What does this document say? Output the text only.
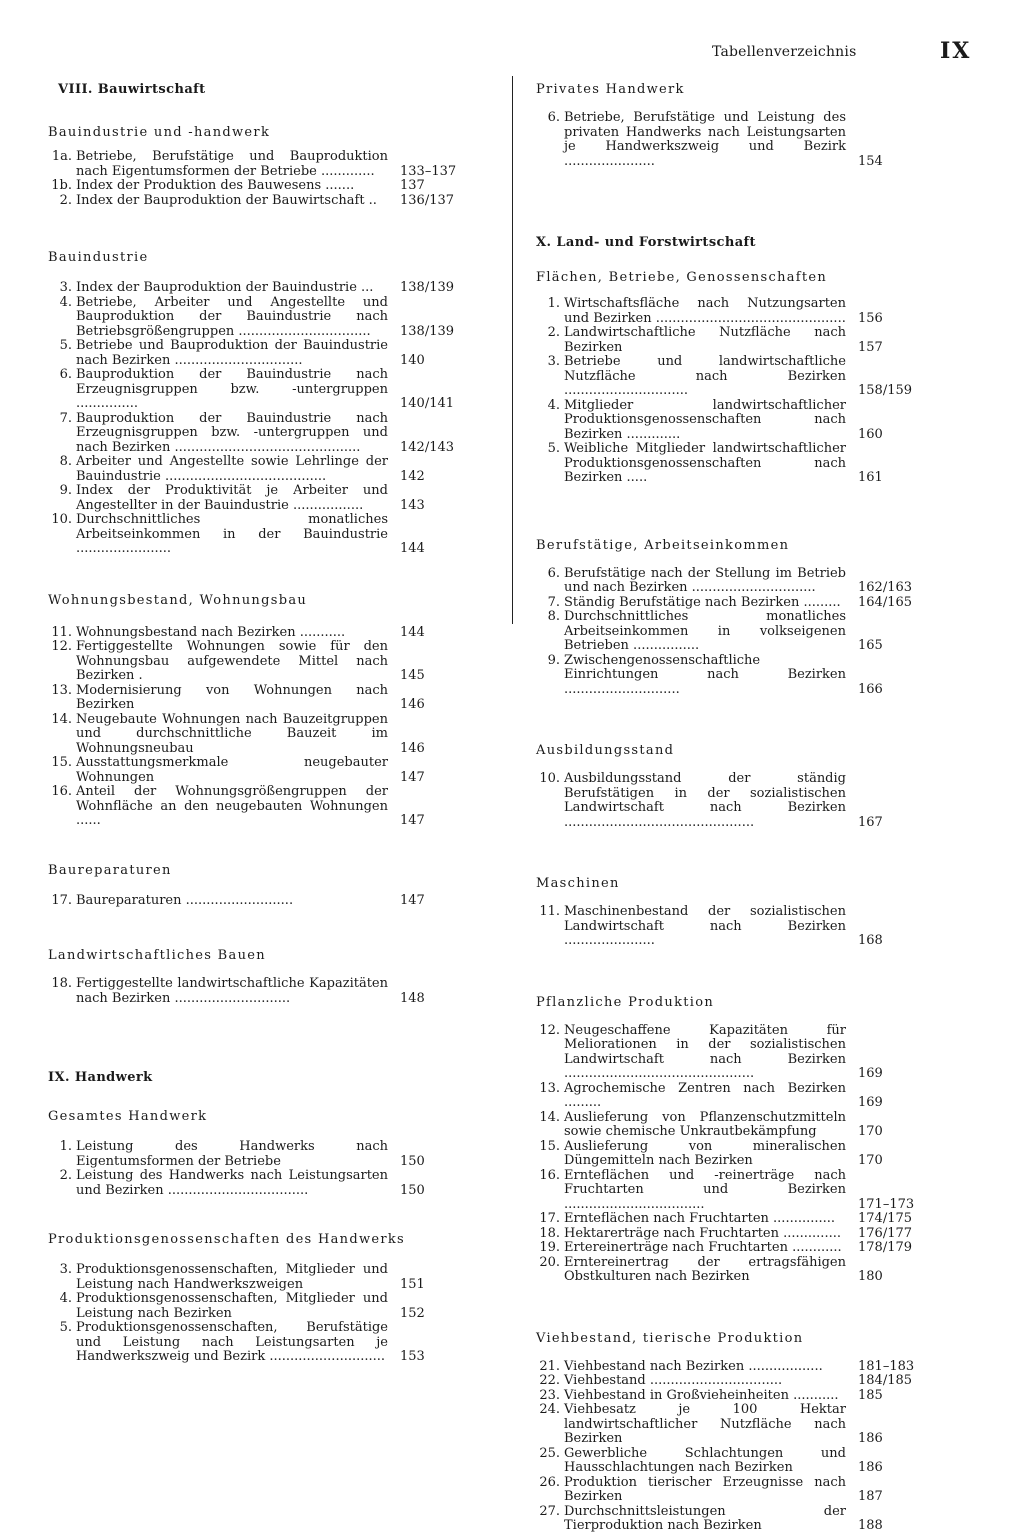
Tabellenverzeichnis	IX
VIII. Bauwirtschaft
Bauindustrie und -handwerk
1a. Betriebe, Berufstätige und Bauproduktion nach Eigentumsformen der Betriebe .............	133–137
1b. Index der Produktion des Bauwesens .......	137
2. Index der Bauproduktion der Bauwirtschaft ..	136/137
Bauindustrie
3. Index der Bauproduktion der Bauindustrie ...	138/139
4. Betriebe, Arbeiter und Angestellte und Bauproduktion der Bauindustrie nach Betriebsgrößengruppen ................................	138/139
5. Betriebe und Bauproduktion der Bauindustrie nach Bezirken ...............................	140
6. Bauproduktion der Bauindustrie nach Erzeugnisgruppen bzw. -untergruppen ...............	140/141
7. Bauproduktion der Bauindustrie nach Erzeugnisgruppen bzw. -untergruppen und nach Bezirken .............................................	142/143
8. Arbeiter und Angestellte sowie Lehrlinge der Bauindustrie .......................................	142
9. Index der Produktivität je Arbeiter und Angestellter in der Bauindustrie .................	143
10. Durchschnittliches monatliches Arbeitseinkommen in der Bauindustrie .......................	144
Wohnungsbestand, Wohnungsbau
11. Wohnungsbestand nach Bezirken ...........	144
12. Fertiggestellte Wohnungen sowie für den Wohnungsbau aufgewendete Mittel nach Bezirken .	145
13. Modernisierung von Wohnungen nach Bezirken	146
14. Neugebaute Wohnungen nach Bauzeitgruppen und durchschnittliche Bauzeit im Wohnungsneubau	146
15. Ausstattungsmerkmale neugebauter Wohnungen	147
16. Anteil der Wohnungsgrößengruppen der Wohnfläche an den neugebauten Wohnungen ......	147
Baureparaturen
17. Baureparaturen ..........................	147
Landwirtschaftliches Bauen
18. Fertiggestellte landwirtschaftliche Kapazitäten nach Bezirken ............................	148
IX. Handwerk
Gesamtes Handwerk
1. Leistung des Handwerks nach Eigentumsformen der Betriebe	150
2. Leistung des Handwerks nach Leistungsarten und Bezirken ..................................	150
Produktionsgenossenschaften des Handwerks
3. Produktionsgenossenschaften, Mitglieder und Leistung nach Handwerkszweigen	151
4. Produktionsgenossenschaften, Mitglieder und Leistung nach Bezirken	152
5. Produktionsgenossenschaften, Berufstätige und Leistung nach Leistungsarten je Handwerkszweig und Bezirk ............................	153
Privates Handwerk
6. Betriebe, Berufstätige und Leistung des privaten Handwerks nach Leistungsarten je Handwerkszweig und Bezirk ......................	154
X. Land- und Forstwirtschaft
Flächen, Betriebe, Genossenschaften
1. Wirtschaftsfläche nach Nutzungsarten und Bezirken .............................................. 156
2. Landwirtschaftliche Nutzfläche nach Bezirken	157
3. Betriebe und landwirtschaftliche Nutzfläche nach Bezirken ..............................	158/159
4. Mitglieder landwirtschaftlicher Produktionsgenossenschaften nach Bezirken .............	160
5. Weibliche Mitglieder landwirtschaftlicher Produktionsgenossenschaften nach Bezirken .....	161
Berufstätige, Arbeitseinkommen
6. Berufstätige nach der Stellung im Betrieb und nach Bezirken ..............................	162/163
7. Ständig Berufstätige nach Bezirken .........	164/165
8. Durchschnittliches monatliches Arbeitseinkommen in volkseigenen Betrieben ................	165
9. Zwischengenossenschaftliche Einrichtungen nach Bezirken ............................	166
Ausbildungsstand
10. Ausbildungsstand der ständig Berufstätigen in der sozialistischen Landwirtschaft nach Bezirken ..............................................	167
Maschinen
11. Maschinenbestand der sozialistischen Landwirtschaft nach Bezirken ......................	168
Pflanzliche Produktion
12. Neugeschaffene Kapazitäten für Meliorationen in der sozialistischen Landwirtschaft nach Bezirken ..............................................	169
13. Agrochemische Zentren nach Bezirken .........	169
14. Auslieferung von Pflanzenschutzmitteln sowie chemische Unkrautbekämpfung	170
15. Auslieferung von mineralischen Düngemitteln nach Bezirken	170
16. Ernteflächen und -reinerträge nach Fruchtarten und Bezirken ..................................	171–173
17. Ernteflächen nach Fruchtarten ...............	174/175
18. Hektarerträge nach Fruchtarten ..............	176/177
19. Ertereinerträge nach Fruchtarten ............	178/179
20. Erntereinertrag der ertragsfähigen Obstkulturen nach Bezirken	180
Viehbestand, tierische Produktion
21. Viehbestand nach Bezirken ..................	181–183
22. Viehbestand ................................	184/185
23. Viehbestand in Großvieheinheiten ...........	185
24. Viehbesatz je 100 Hektar landwirtschaftlicher Nutzfläche nach Bezirken	186
25. Gewerbliche Schlachtungen und Hausschlachtungen nach Bezirken	186
26. Produktion tierischer Erzeugnisse nach Bezirken	187
27. Durchschnittsleistungen der Tierproduktion nach Bezirken	188
